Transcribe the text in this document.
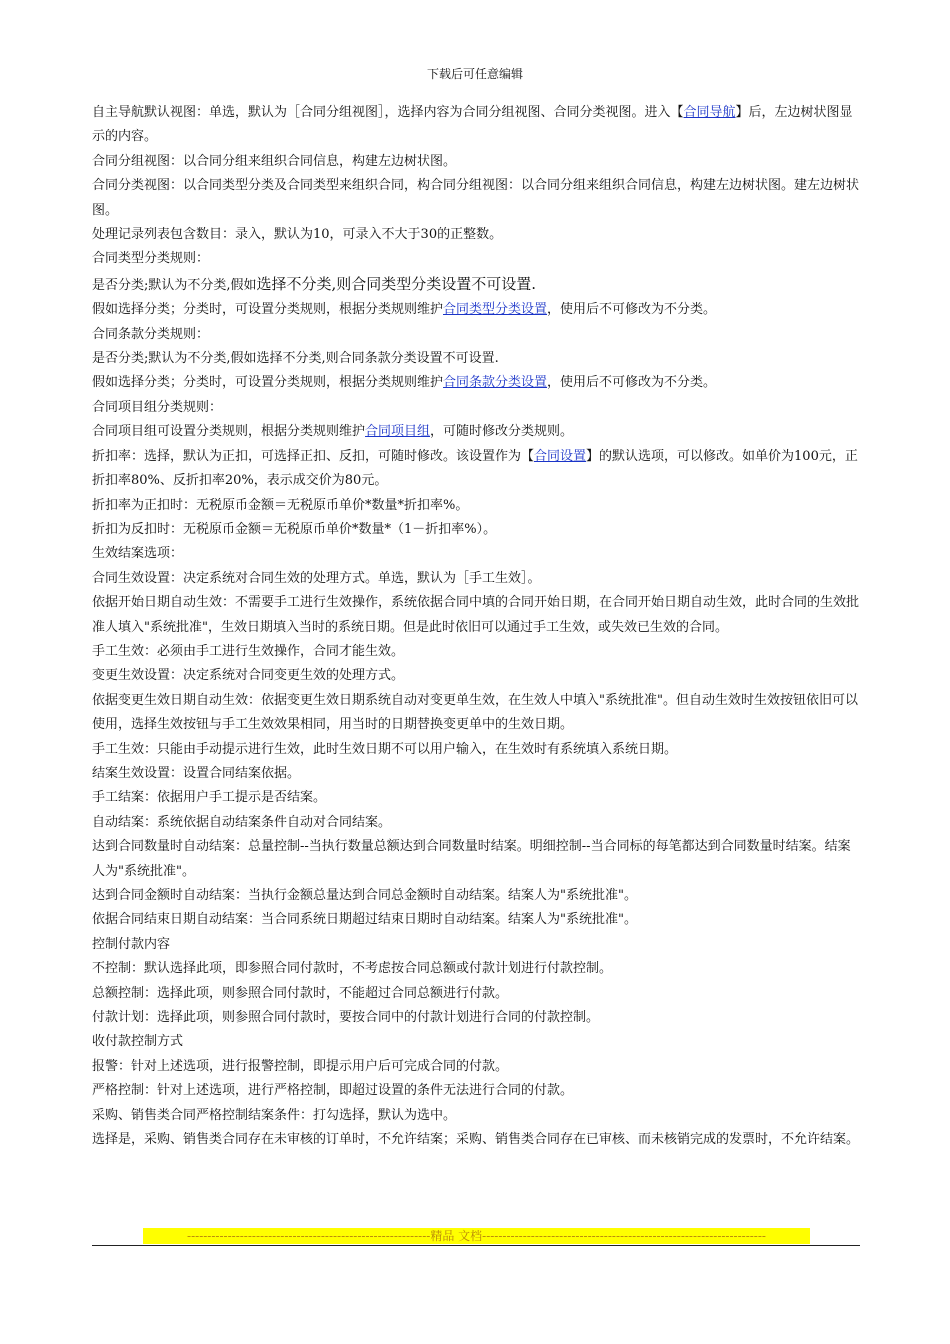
下载后可任意编辑

自主导航默认视图：单选，默认为［合同分组视图］，选择内容为合同分组视图、合同分类视图。进入【合同导航】后，左边树状图显示的内容。

合同分组视图：以合同分组来组织合同信息，构建左边树状图。

合同分类视图：以合同类型分类及合同类型来组织合同，构合同分组视图：以合同分组来组织合同信息，构建左边树状图。建左边树状图。

处理记录列表包含数目：录入，默认为10，可录入不大于30的正整数。

合同类型分类规则：

是否分类;默认为不分类,假如选择不分类,则合同类型分类设置不可设置.

假如选择分类；分类时，可设置分类规则，根据分类规则维护合同类型分类设置，使用后不可修改为不分类。

合同条款分类规则：

是否分类;默认为不分类,假如选择不分类,则合同条款分类设置不可设置.

假如选择分类；分类时，可设置分类规则，根据分类规则维护合同条款分类设置，使用后不可修改为不分类。

合同项目组分类规则：

合同项目组可设置分类规则，根据分类规则维护合同项目组，可随时修改分类规则。

折扣率：选择，默认为正扣，可选择正扣、反扣，可随时修改。该设置作为【合同设置】的默认选项，可以修改。如单价为100元，正折扣率80%、反折扣率20%，表示成交价为80元。

折扣率为正扣时：无税原币金额＝无税原币单价*数量*折扣率%。

折扣为反扣时：无税原币金额＝无税原币单价*数量*（1－折扣率%）。

生效结案选项：

合同生效设置：决定系统对合同生效的处理方式。单选，默认为［手工生效］。

依据开始日期自动生效：不需要手工进行生效操作，系统依据合同中填的合同开始日期，在合同开始日期自动生效，此时合同的生效批准人填入"系统批准"，生效日期填入当时的系统日期。但是此时依旧可以通过手工生效，或失效已生效的合同。

手工生效：必须由手工进行生效操作，合同才能生效。

变更生效设置：决定系统对合同变更生效的处理方式。

依据变更生效日期自动生效：依据变更生效日期系统自动对变更单生效，在生效人中填入"系统批准"。但自动生效时生效按钮依旧可以使用，选择生效按钮与手工生效效果相同，用当时的日期替换变更单中的生效日期。

手工生效：只能由手动提示进行生效，此时生效日期不可以用户输入，在生效时有系统填入系统日期。

结案生效设置：设置合同结案依据。

手工结案：依据用户手工提示是否结案。

自动结案：系统依据自动结案条件自动对合同结案。

达到合同数量时自动结案：总量控制--当执行数量总额达到合同数量时结案。明细控制--当合同标的每笔都达到合同数量时结案。结案人为"系统批准"。

达到合同金额时自动结案：当执行金额总量达到合同总金额时自动结案。结案人为"系统批准"。

依据合同结束日期自动结案：当合同系统日期超过结束日期时自动结案。结案人为"系统批准"。

控制付款内容

不控制：默认选择此项，即参照合同付款时，不考虑按合同总额或付款计划进行付款控制。

总额控制：选择此项，则参照合同付款时，不能超过合同总额进行付款。

付款计划：选择此项，则参照合同付款时，要按合同中的付款计划进行合同的付款控制。

收付款控制方式

报警：针对上述选项，进行报警控制，即提示用户后可完成合同的付款。

严格控制：针对上述选项，进行严格控制，即超过设置的条件无法进行合同的付款。

采购、销售类合同严格控制结案条件：打勾选择，默认为选中。

选择是，采购、销售类合同存在未审核的订单时，不允许结案；采购、销售类合同存在已审核、而未核销完成的发票时，不允许结案。

------------------------------------------------------------精品 文档----------------------------------------------------------------------
